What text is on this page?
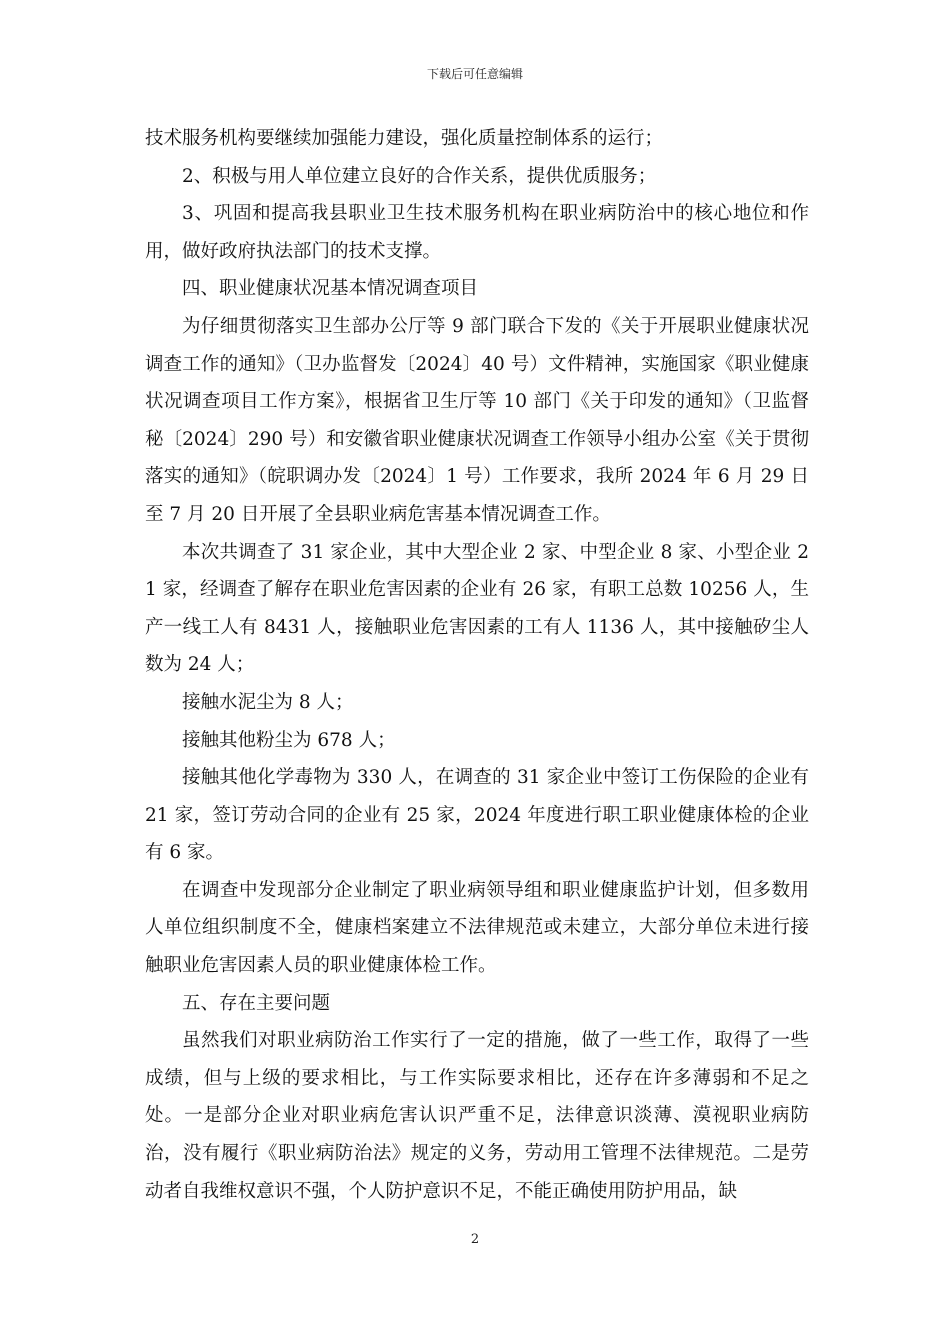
下载后可任意编辑

技术服务机构要继续加强能力建设，强化质量控制体系的运行；

2、积极与用人单位建立良好的合作关系，提供优质服务；

3、巩固和提高我县职业卫生技术服务机构在职业病防治中的核心地位和作用，做好政府执法部门的技术支撑。

四、职业健康状况基本情况调查项目

为仔细贯彻落实卫生部办公厅等 9 部门联合下发的《关于开展职业健康状况调查工作的通知》（卫办监督发〔2024〕40 号）文件精神，实施国家《职业健康状况调查项目工作方案》，根据省卫生厅等 10 部门《关于印发的通知》（卫监督秘〔2024〕290 号）和安徽省职业健康状况调查工作领导小组办公室《关于贯彻落实的通知》（皖职调办发〔2024〕1 号）工作要求，我所 2024 年 6 月 29 日至 7 月 20 日开展了全县职业病危害基本情况调查工作。

本次共调查了 31 家企业，其中大型企业 2 家、中型企业 8 家、小型企业 21 家，经调查了解存在职业危害因素的企业有 26 家，有职工总数 10256 人，生产一线工人有 8431 人，接触职业危害因素的工有人 1136 人，其中接触矽尘人数为 24 人；

接触水泥尘为 8 人；

接触其他粉尘为 678 人；

接触其他化学毒物为 330 人，在调查的 31 家企业中签订工伤保险的企业有 21 家，签订劳动合同的企业有 25 家，2024 年度进行职工职业健康体检的企业有 6 家。

在调查中发现部分企业制定了职业病领导组和职业健康监护计划，但多数用人单位组织制度不全，健康档案建立不法律规范或未建立，大部分单位未进行接触职业危害因素人员的职业健康体检工作。

五、存在主要问题

虽然我们对职业病防治工作实行了一定的措施，做了一些工作，取得了一些成绩，但与上级的要求相比，与工作实际要求相比，还存在许多薄弱和不足之处。一是部分企业对职业病危害认识严重不足，法律意识淡薄、漠视职业病防治，没有履行《职业病防治法》规定的义务，劳动用工管理不法律规范。二是劳动者自我维权意识不强，个人防护意识不足，不能正确使用防护用品，缺

2
